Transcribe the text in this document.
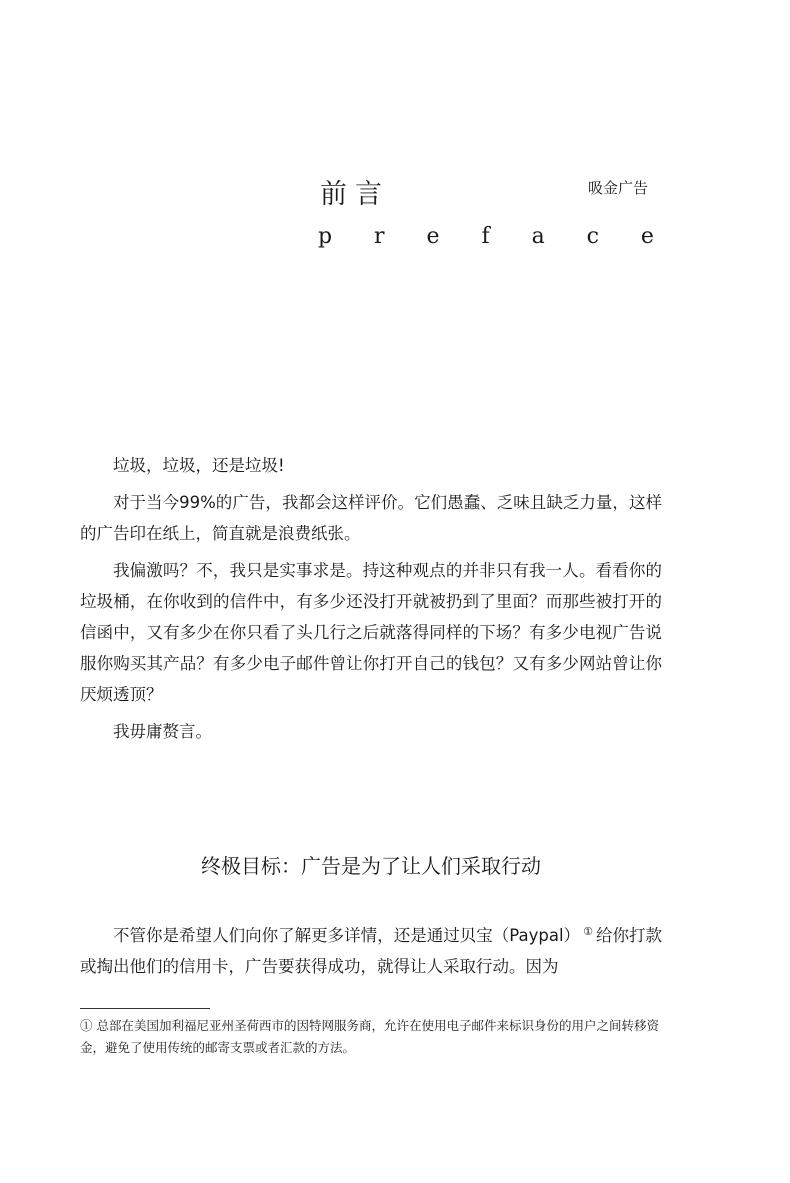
前言	吸金广告
p r e f a c e

垃圾，垃圾，还是垃圾!

对于当今99%的广告，我都会这样评价。它们愚蠢、乏味且缺乏力量，这样的广告印在纸上，简直就是浪费纸张。

我偏激吗？不，我只是实事求是。持这种观点的并非只有我一人。看看你的垃圾桶，在你收到的信件中，有多少还没打开就被扔到了里面？而那些被打开的信函中，又有多少在你只看了头几行之后就落得同样的下场？有多少电视广告说服你购买其产品？有多少电子邮件曾让你打开自己的钱包？又有多少网站曾让你厌烦透顶？

我毋庸赘言。

终极目标：广告是为了让人们采取行动

不管你是希望人们向你了解更多详情，还是通过贝宝（Paypal） ① 给你打款或掏出他们的信用卡，广告要获得成功，就得让人采取行动。因为

① 总部在美国加利福尼亚州圣荷西市的因特网服务商，允许在使用电子邮件来标识身份的用户之间转移资金，避免了使用传统的邮寄支票或者汇款的方法。
